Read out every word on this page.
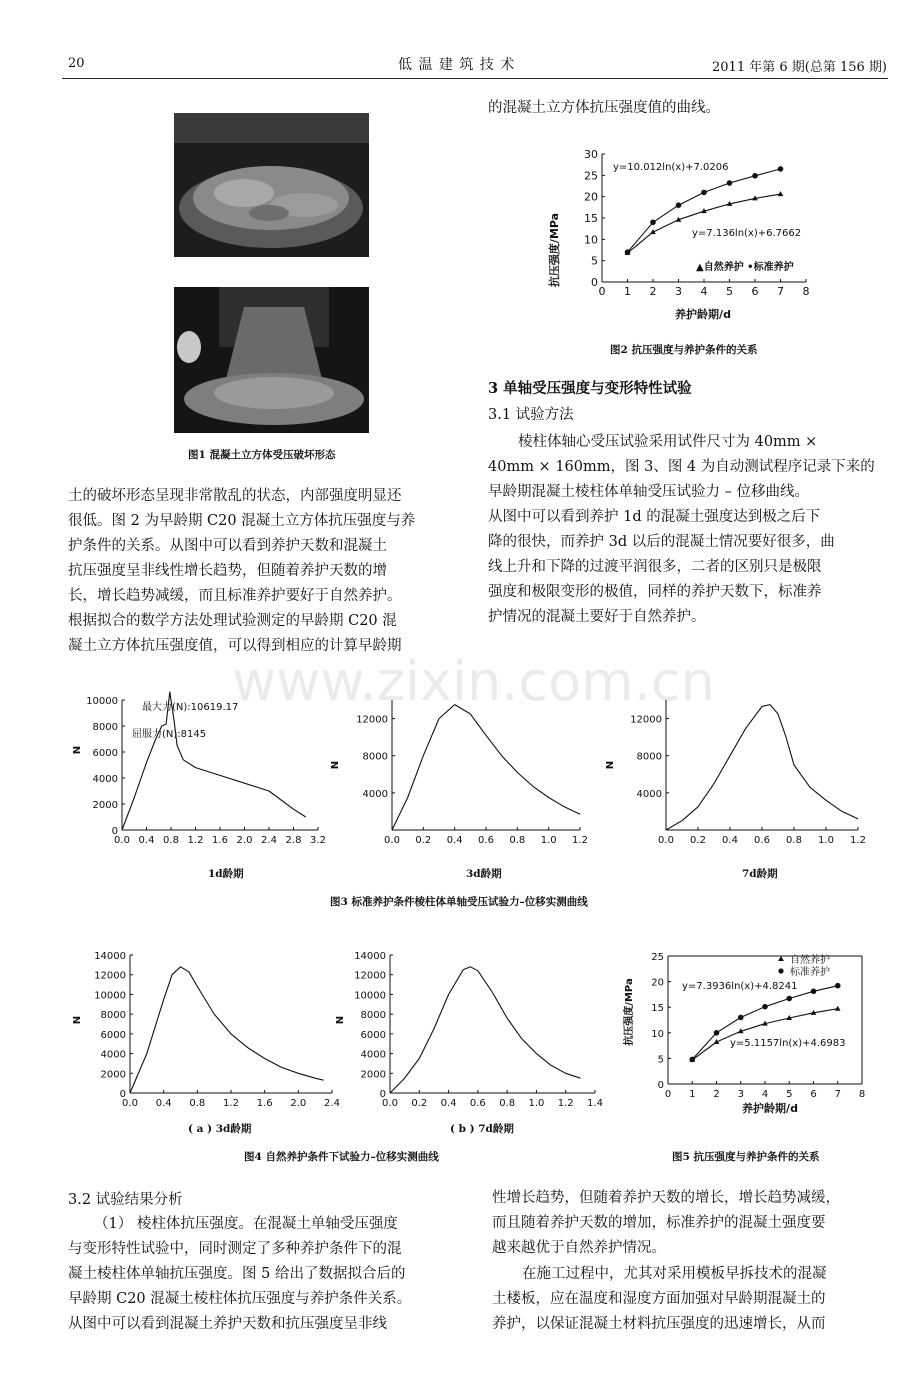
20	低 温 建 筑 技 术	2011 年第 6 期(总第 156 期)
图1 混凝土立方体受压破坏形态
土的破坏形态呈现非常散乱的状态，内部强度明显还
很低。图 2 为早龄期 C20 混凝土立方体抗压强度与养
护条件的关系。从图中可以看到养护天数和混凝土
抗压强度呈非线性增长趋势，但随着养护天数的增
长，增长趋势减缓，而且标准养护要好于自然养护。
根据拟合的数学方法处理试验测定的早龄期 C20 混
凝土立方体抗压强度值，可以得到相应的计算早龄期
的混凝土立方体抗压强度值的曲线。
抗压强度/MPa
养护龄期/d
y=10.012ln(x)+7.0206
y=7.136ln(x)+6.7662
▲自然养护 •标准养护
0 1 2 3 4 5 6 7 8
0
5
10
15
20
25
30
图2 抗压强度与养护条件的关系
3 单轴受压强度与变形特性试验
3.1 试验方法
棱柱体轴心受压试验采用试件尺寸为 40mm ×
40mm × 160mm，图 3、图 4 为自动测试程序记录下来的
早龄期混凝土棱柱体单轴受压试验力 – 位移曲线。
从图中可以看到养护 1d 的混凝土强度达到极之后下
降的很快，而养护 3d 以后的混凝土情况要好很多，曲
线上升和下降的过渡平润很多，二者的区别只是极限
强度和极限变形的极值，同样的养护天数下，标准养
护情况的混凝土要好于自然养护。
www.zixin.com.cn
N
最大力(N):10619.17
屈服力(N):8145
0.0 0.4 0.8 1.2 1.6 2.0 2.4 2.8 3.2
0
2000
4000
6000
8000
10000
N
0.0 0.2 0.4 0.6 0.8 1.0 1.2
4000
8000
12000
N
0.0 0.2 0.4 0.6 0.8 1.0 1.2
4000
8000
12000
1d龄期	3d龄期	7d龄期
图3 标准养护条件棱柱体单轴受压试验力–位移实测曲线
N
0.0 0.4 0.8 1.2 1.6 2.0 2.4
0
2000
4000
6000
8000
10000
12000
14000
N
0.0 0.2 0.4 0.6 0.8 1.0 1.2 1.4
0
2000
4000
6000
8000
10000
12000
14000
( a ) 3d龄期	( b ) 7d龄期
图4 自然养护条件下试验力–位移实测曲线
抗压强度/MPa
养护龄期/d
自然养护
标准养护
y=7.3936ln(x)+4.8241
y=5.1157ln(x)+4.6983
0 1 2 3 4 5 6 7 8
0
5
10
15
20
25
图5 抗压强度与养护条件的关系
3.2 试验结果分析
（1） 棱柱体抗压强度。在混凝土单轴受压强度
与变形特性试验中，同时测定了多种养护条件下的混
凝土棱柱体单轴抗压强度。图 5 给出了数据拟合后的
早龄期 C20 混凝土棱柱体抗压强度与养护条件关系。
从图中可以看到混凝土养护天数和抗压强度呈非线
性增长趋势，但随着养护天数的增长，增长趋势减缓，
而且随着养护天数的增加，标准养护的混凝土强度要
越来越优于自然养护情况。
在施工过程中，尤其对采用模板早拆技术的混凝
土楼板，应在温度和湿度方面加强对早龄期混凝土的
养护，以保证混凝土材料抗压强度的迅速增长，从而
